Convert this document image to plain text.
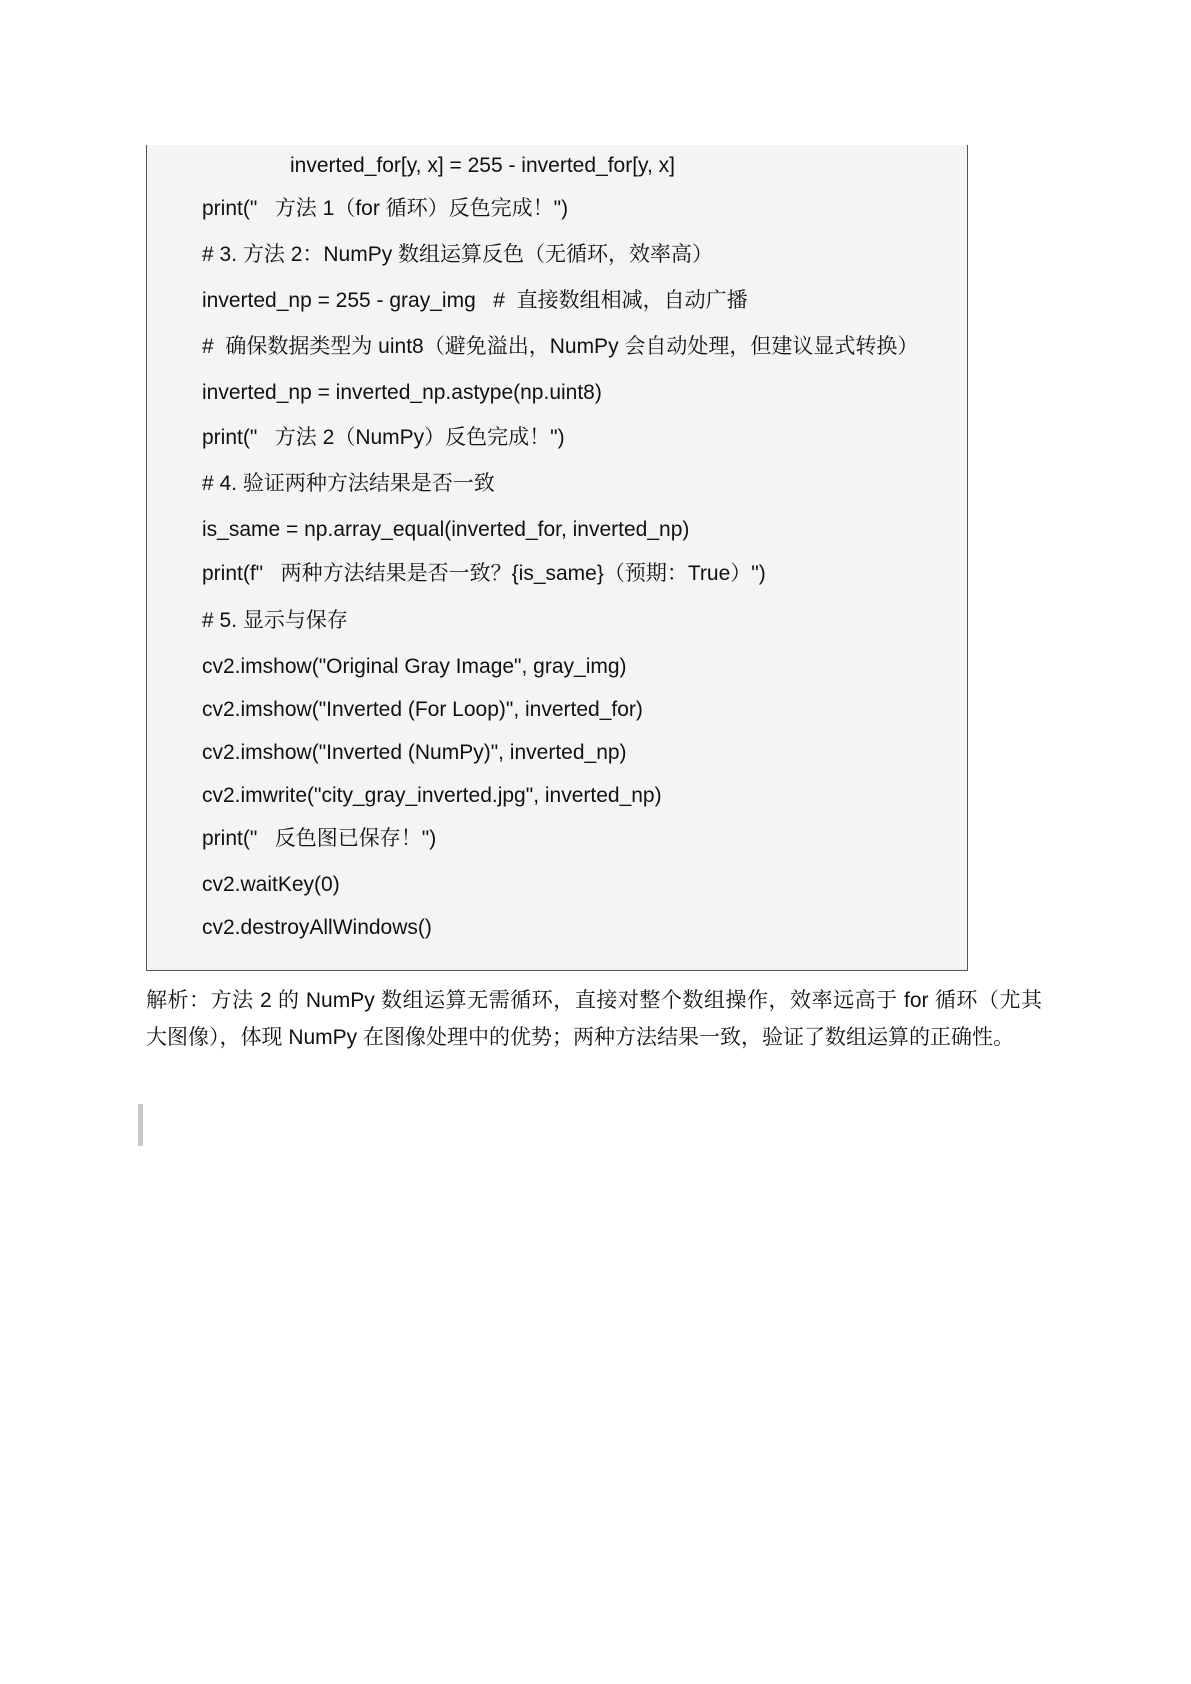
inverted_for[y, x] = 255 - inverted_for[y, x]
print("   方法 1（for 循环）反色完成！")
# 3. 方法 2：NumPy 数组运算反色（无循环，效率高）
inverted_np = 255 - gray_img   #  直接数组相减，自动广播
#  确保数据类型为 uint8（避免溢出，NumPy 会自动处理，但建议显式转换）
inverted_np = inverted_np.astype(np.uint8)
print("   方法 2（NumPy）反色完成！")
# 4. 验证两种方法结果是否一致
is_same = np.array_equal(inverted_for, inverted_np)
print(f"   两种方法结果是否一致？{is_same}（预期：True）")
# 5. 显示与保存
cv2.imshow("Original Gray Image", gray_img)
cv2.imshow("Inverted (For Loop)", inverted_for)
cv2.imshow("Inverted (NumPy)", inverted_np)
cv2.imwrite("city_gray_inverted.jpg", inverted_np)
print("   反色图已保存！")
cv2.waitKey(0)
cv2.destroyAllWindows()
解析：方法 2 的 NumPy 数组运算无需循环，直接对整个数组操作，效率远高于 for 循环（尤其大图像），体现 NumPy 在图像处理中的优势；两种方法结果一致，验证了数组运算的正确性。
